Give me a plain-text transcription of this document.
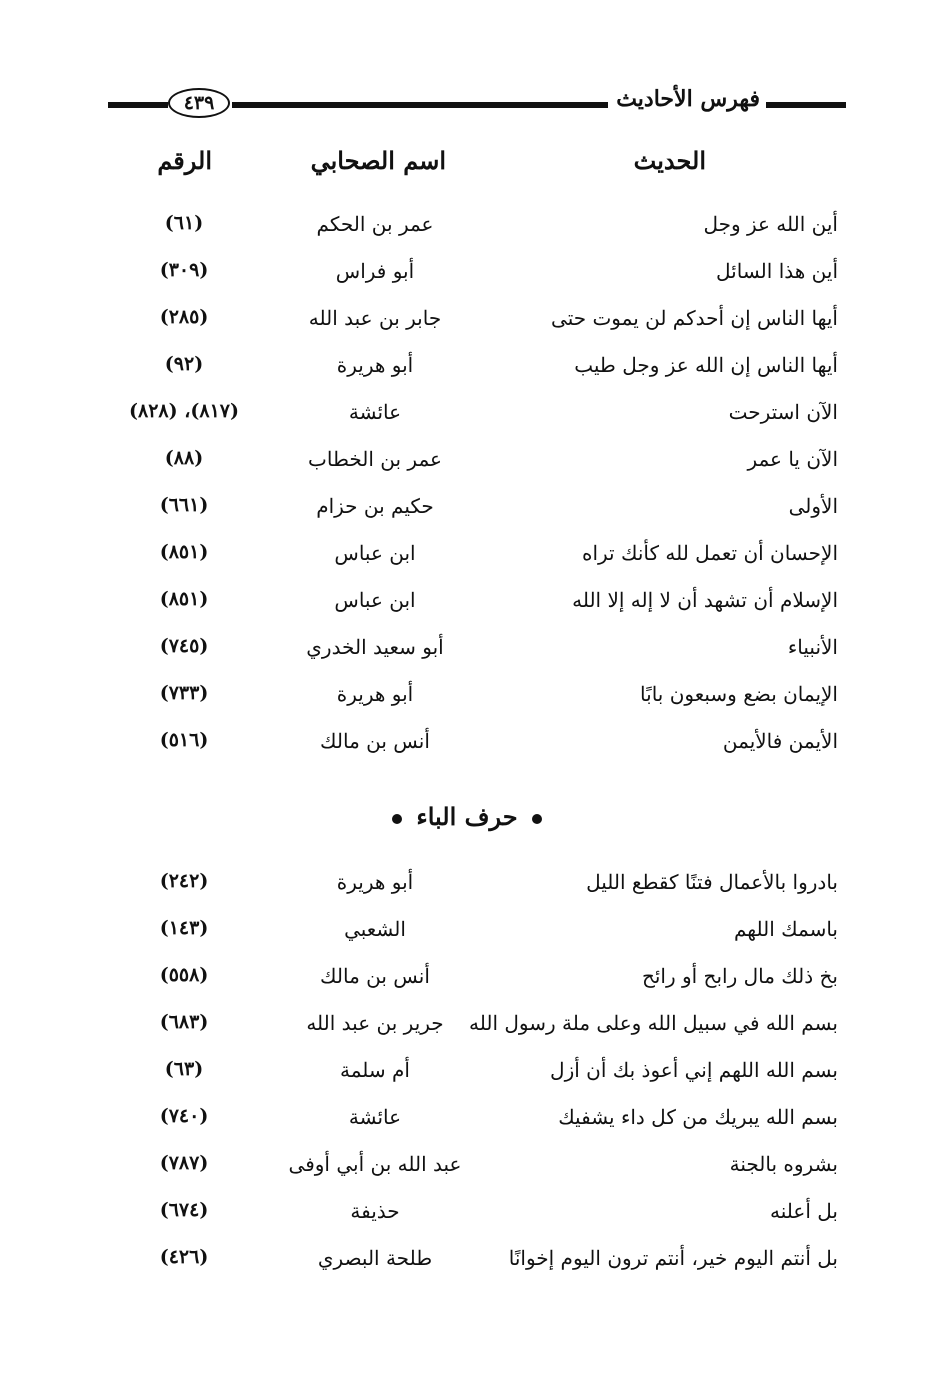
فهرس الأحاديث
٤٣٩
الحديث
اسم الصحابي
الرقم
أين الله عز وجل
عمر بن الحكم
(٦١)
أين هذا السائل
أبو فراس
(٣٠٩)
أيها الناس إن أحدكم لن يموت حتى
جابر بن عبد الله
(٢٨٥)
أيها الناس إن الله عز وجل طيب
أبو هريرة
(٩٢)
الآن استرحت
عائشة
(٨١٧)، (٨٢٨)
الآن يا عمر
عمر بن الخطاب
(٨٨)
الأولى
حكيم بن حزام
(٦٦١)
الإحسان أن تعمل لله كأنك تراه
ابن عباس
(٨٥١)
الإسلام أن تشهد أن لا إله إلا الله
ابن عباس
(٨٥١)
الأنبياء
أبو سعيد الخدري
(٧٤٥)
الإيمان بضع وسبعون بابًا
أبو هريرة
(٧٣٣)
الأيمن فالأيمن
أنس بن مالك
(٥١٦)
حرف الباء
بادروا بالأعمال فتنًا كقطع الليل
أبو هريرة
(٢٤٢)
باسمك اللهم
الشعبي
(١٤٣)
بخ ذلك مال رابح أو رائح
أنس بن مالك
(٥٥٨)
بسم الله في سبيل الله وعلى ملة رسول الله
جرير بن عبد الله
(٦٨٣)
بسم الله اللهم إني أعوذ بك أن أزل
أم سلمة
(٦٣)
بسم الله يبريك من كل داء يشفيك
عائشة
(٧٤٠)
بشروه بالجنة
عبد الله بن أبي أوفى
(٧٨٧)
بل أعلنه
حذيفة
(٦٧٤)
بل أنتم اليوم خير، أنتم ترون اليوم إخوانًا
طلحة البصري
(٤٢٦)
